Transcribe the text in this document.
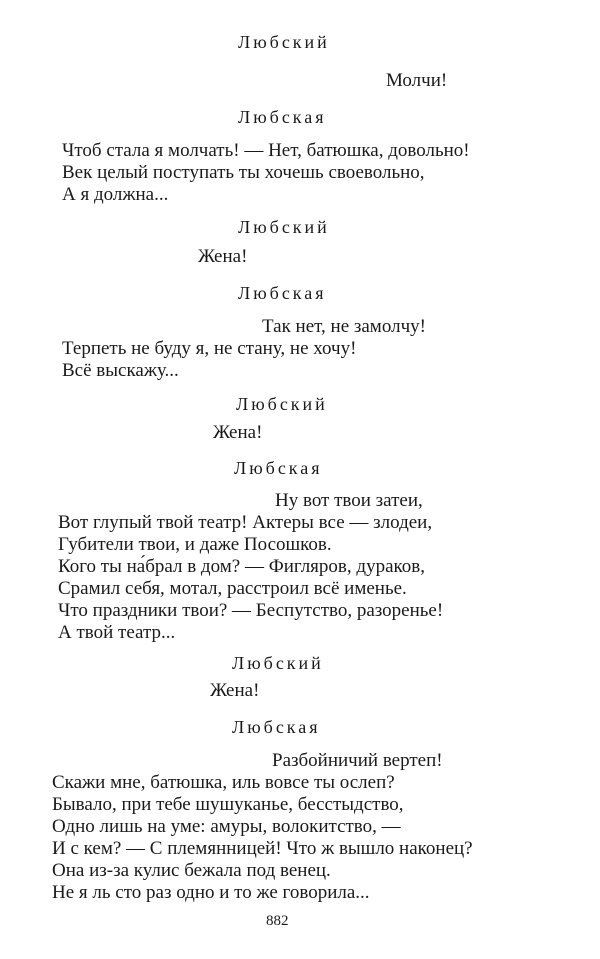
Любский
Молчи!
Любская
Чтоб стала я молчать! — Нет, батюшка, довольно!
Век целый поступать ты хочешь своевольно,
А я должна...
Любский
Жена!
Любская
Так нет, не замолчу!
Терпеть не буду я, не стану, не хочу!
Всё выскажу...
Любский
Жена!
Любская
Ну вот твои затеи,
Вот глупый твой театр! Актеры все — злодеи,
Губители твои, и даже Посошков.
Кого ты на́брал в дом? — Фигляров, дураков,
Срамил себя, мотал, расстроил всё именье.
Что праздники твои? — Беспутство, разоренье!
А твой театр...
Любский
Жена!
Любская
Разбойничий вертеп!
Скажи мне, батюшка, иль вовсе ты ослеп?
Бывало, при тебе шушуканье, бесстыдство,
Одно лишь на уме: амуры, волокитство, —
И с кем? — С племянницей! Что ж вышло наконец?
Она из-за кулис бежала под венец.
Не я ль сто раз одно и то же говорила...
882
